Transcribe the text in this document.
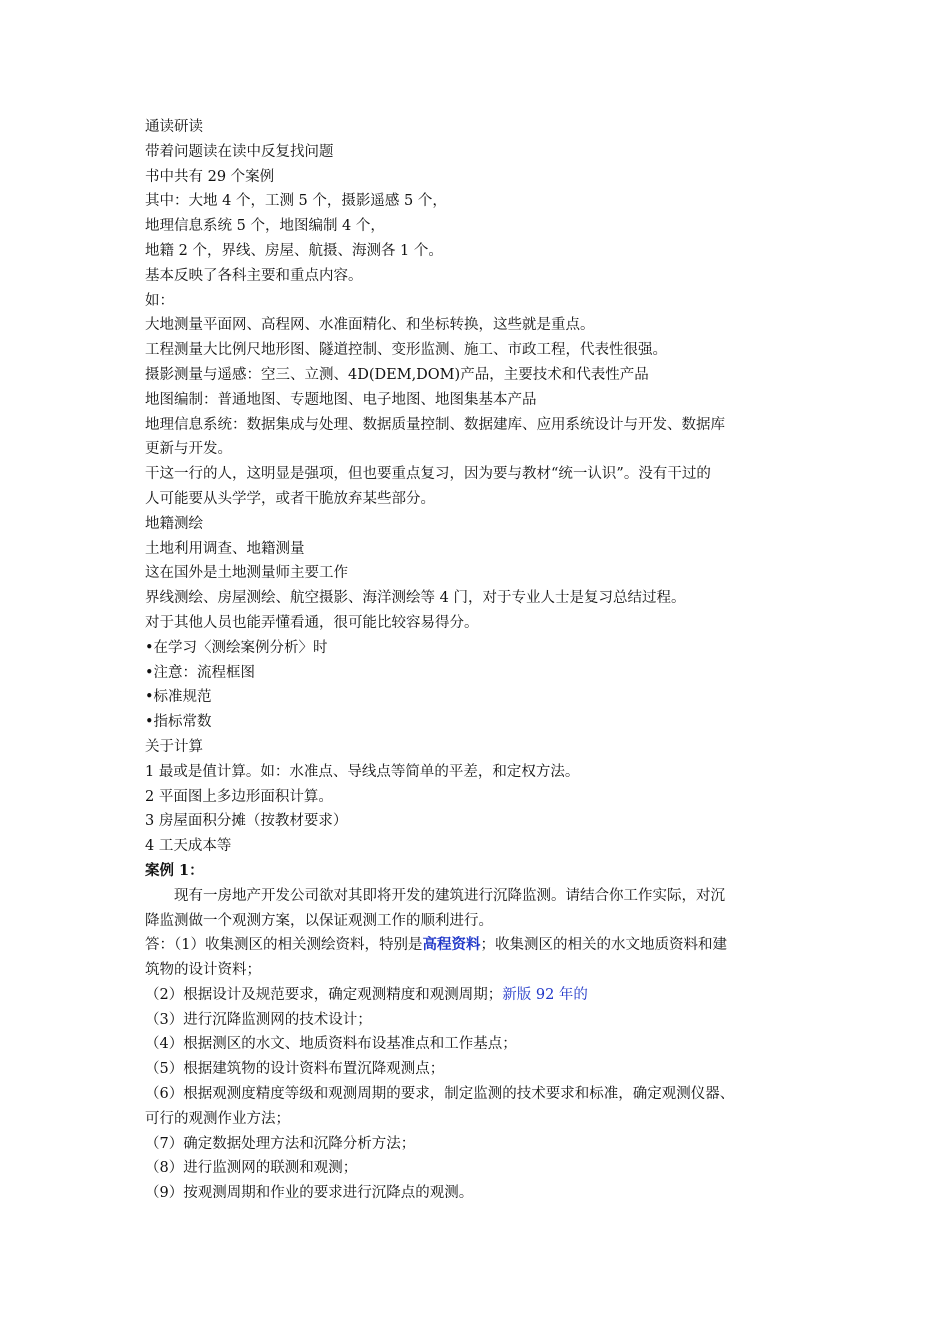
通读研读
带着问题读在读中反复找问题
书中共有 29 个案例
其中：大地 4 个，工测 5 个，摄影遥感 5 个，
地理信息系统 5 个，地图编制 4 个，
地籍 2 个，界线、房屋、航摄、海测各 1 个。
基本反映了各科主要和重点内容。
如：
大地测量平面网、高程网、水准面精化、和坐标转换，这些就是重点。
工程测量大比例尺地形图、隧道控制、变形监测、施工、市政工程，代表性很强。
摄影测量与遥感：空三、立测、4D(DEM,DOM)产品，主要技术和代表性产品
地图编制：普通地图、专题地图、电子地图、地图集基本产品
地理信息系统：数据集成与处理、数据质量控制、数据建库、应用系统设计与开发、数据库
更新与开发。
干这一行的人，这明显是强项，但也要重点复习，因为要与教材“统一认识”。没有干过的
人可能要从头学学，或者干脆放弃某些部分。
地籍测绘
土地利用调查、地籍测量
这在国外是土地测量师主要工作
界线测绘、房屋测绘、航空摄影、海洋测绘等 4 门，对于专业人士是复习总结过程。
对于其他人员也能弄懂看通，很可能比较容易得分。
•在学习〈测绘案例分析〉时
•注意：流程框图
•标准规范
•指标常数
关于计算
1 最或是值计算。如：水准点、导线点等简单的平差，和定权方法。
2 平面图上多边形面积计算。
3 房屋面积分摊（按教材要求）
4 工天成本等
案例 1：
现有一房地产开发公司欲对其即将开发的建筑进行沉降监测。请结合你工作实际，对沉
降监测做一个观测方案，以保证观测工作的顺利进行。
答：（1）收集测区的相关测绘资料，特别是高程资料；收集测区的相关的水文地质资料和建
筑物的设计资料；
（2）根据设计及规范要求，确定观测精度和观测周期；新版 92 年的
（3）进行沉降监测网的技术设计；
（4）根据测区的水文、地质资料布设基准点和工作基点；
（5）根据建筑物的设计资料布置沉降观测点；
（6）根据观测度精度等级和观测周期的要求，制定监测的技术要求和标准，确定观测仪器、
可行的观测作业方法；
（7）确定数据处理方法和沉降分析方法；
（8）进行监测网的联测和观测；
（9）按观测周期和作业的要求进行沉降点的观测。
